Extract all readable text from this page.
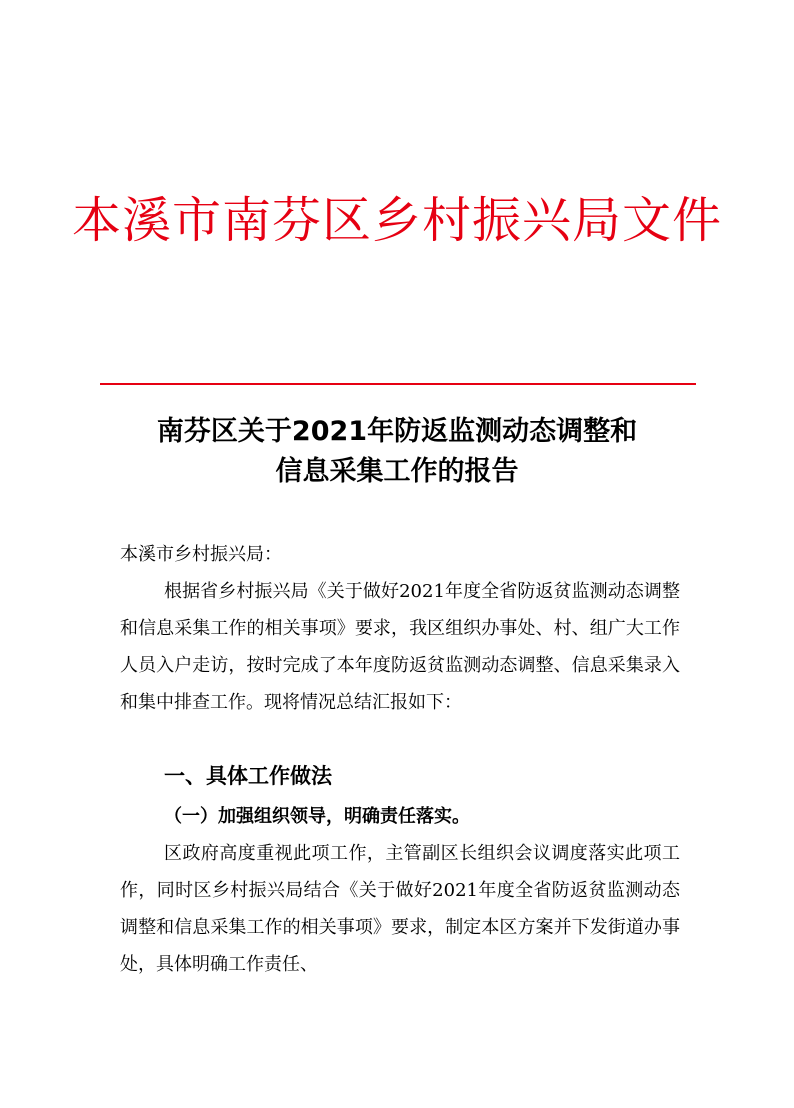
本溪市南芬区乡村振兴局文件
南芬区关于2021年防返监测动态调整和
信息采集工作的报告
本溪市乡村振兴局：

根据省乡村振兴局《关于做好2021年度全省防返贫监测动态调整和信息采集工作的相关事项》要求，我区组织办事处、村、组广大工作人员入户走访，按时完成了本年度防返贫监测动态调整、信息采集录入和集中排查工作。现将情况总结汇报如下：

一、具体工作做法
（一）加强组织领导，明确责任落实。

区政府高度重视此项工作，主管副区长组织会议调度落实此项工作，同时区乡村振兴局结合《关于做好2021年度全省防返贫监测动态调整和信息采集工作的相关事项》要求，制定本区方案并下发街道办事处，具体明确工作责任、
